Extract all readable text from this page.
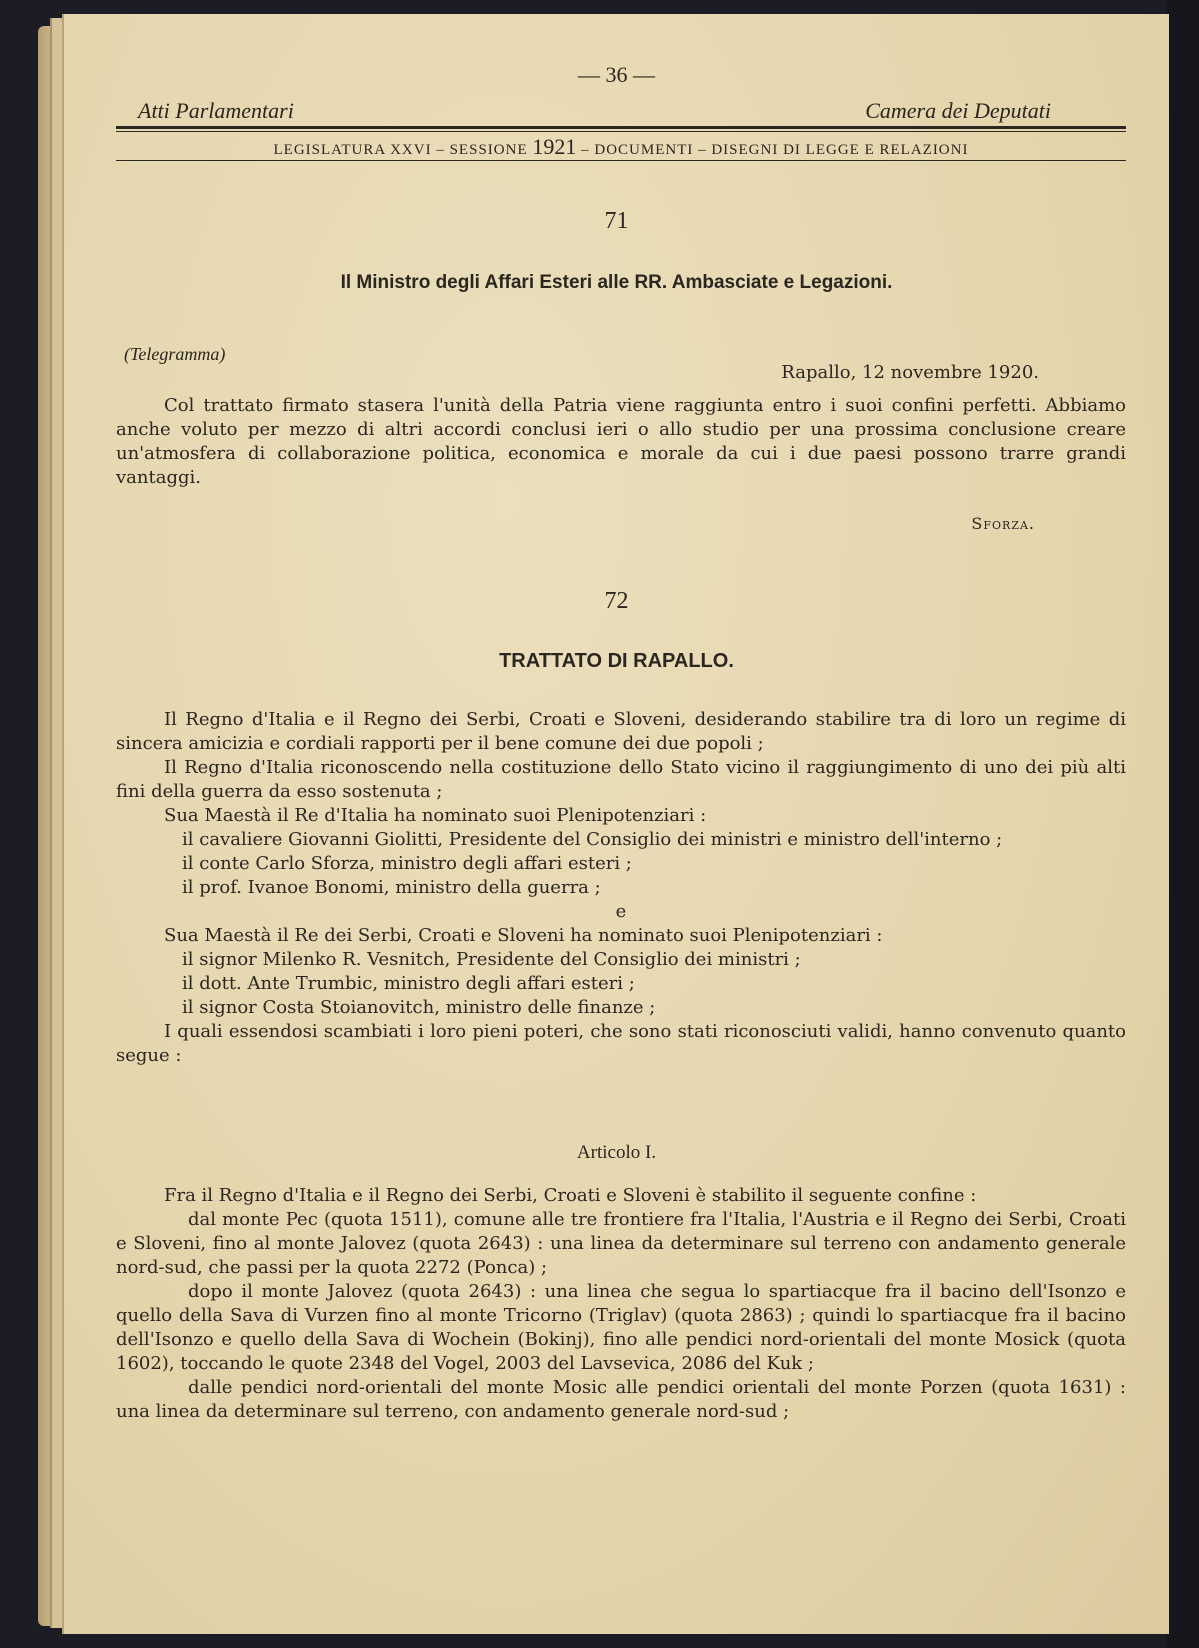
— 36 —
Atti Parlamentari	Camera dei Deputati
LEGISLATURA XXVI – SESSIONE 1921 – DOCUMENTI – DISEGNI DI LEGGE E RELAZIONI
71
Il Ministro degli Affari Esteri alle RR. Ambasciate e Legazioni.
(Telegramma)
Rapallo, 12 novembre 1920.

Col trattato firmato stasera l'unità della Patria viene raggiunta entro i suoi confini perfetti. Abbiamo anche voluto per mezzo di altri accordi conclusi ieri o allo studio per una prossima conclusione creare un'atmosfera di collaborazione politica, economica e morale da cui i due paesi possono trarre grandi vantaggi.

Sforza.
72
TRATTATO DI RAPALLO.

Il Regno d'Italia e il Regno dei Serbi, Croati e Sloveni, desiderando stabilire tra di loro un regime di sincera amicizia e cordiali rapporti per il bene comune dei due popoli ;

Il Regno d'Italia riconoscendo nella costituzione dello Stato vicino il raggiungimento di uno dei più alti fini della guerra da esso sostenuta ;

Sua Maestà il Re d'Italia ha nominato suoi Plenipotenziari :

il cavaliere Giovanni Giolitti, Presidente del Consiglio dei ministri e ministro dell'interno ;

il conte Carlo Sforza, ministro degli affari esteri ;

il prof. Ivanoe Bonomi, ministro della guerra ;

e

Sua Maestà il Re dei Serbi, Croati e Sloveni ha nominato suoi Plenipotenziari :

il signor Milenko R. Vesnitch, Presidente del Consiglio dei ministri ;

il dott. Ante Trumbic, ministro degli affari esteri ;

il signor Costa Stoianovitch, ministro delle finanze ;

I quali essendosi scambiati i loro pieni poteri, che sono stati riconosciuti validi, hanno convenuto quanto segue :

Articolo I.

Fra il Regno d'Italia e il Regno dei Serbi, Croati e Sloveni è stabilito il seguente confine :

dal monte Pec (quota 1511), comune alle tre frontiere fra l'Italia, l'Austria e il Regno dei Serbi, Croati e Sloveni, fino al monte Jalovez (quota 2643) : una linea da determinare sul terreno con andamento generale nord-sud, che passi per la quota 2272 (Ponca) ;

dopo il monte Jalovez (quota 2643) : una linea che segua lo spartiacque fra il bacino dell'Isonzo e quello della Sava di Vurzen fino al monte Tricorno (Triglav) (quota 2863) ; quindi lo spartiacque fra il bacino dell'Isonzo e quello della Sava di Wochein (Bokinj), fino alle pendici nord-orientali del monte Mosick (quota 1602), toccando le quote 2348 del Vogel, 2003 del Lavsevica, 2086 del Kuk ;

dalle pendici nord-orientali del monte Mosic alle pendici orientali del monte Porzen (quota 1631) : una linea da determinare sul terreno, con andamento generale nord-sud ;
